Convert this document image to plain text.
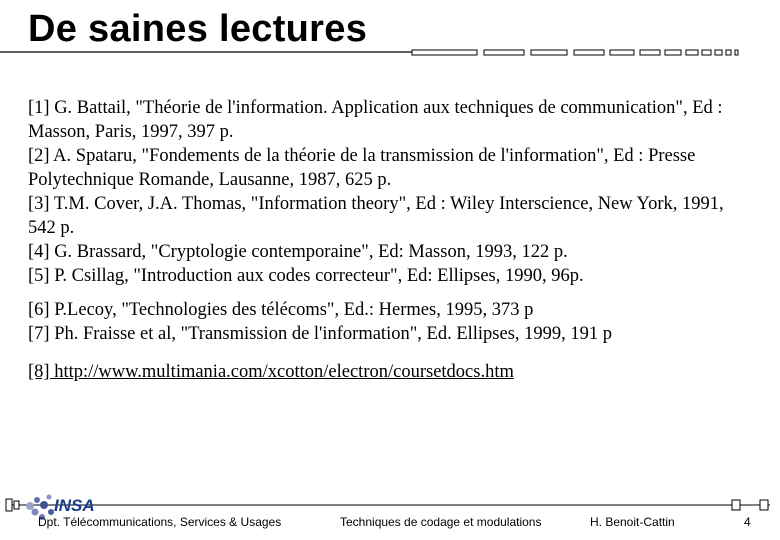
De saines lectures

[1] G. Battail, "Théorie de l'information. Application aux techniques de communication", Ed : Masson, Paris, 1997, 397 p.

[2] A. Spataru, "Fondements de la théorie de la transmission de l'information", Ed : Presse Polytechnique Romande, Lausanne, 1987, 625 p.

[3] T.M. Cover, J.A. Thomas, "Information theory", Ed : Wiley Interscience, New York, 1991, 542 p.

[4] G. Brassard, "Cryptologie contemporaine", Ed: Masson, 1993, 122 p.

[5] P. Csillag, "Introduction aux codes correcteur", Ed: Ellipses, 1990, 96p.

[6] P.Lecoy, "Technologies des télécoms", Ed.: Hermes, 1995, 373 p

[7] Ph. Fraisse et al, "Transmission de l'information", Ed. Ellipses, 1999, 191 p

[8] http://www.multimania.com/xcotton/electron/coursetdocs.htm

INSA
Dpt. Télécommunications, Services & Usages	Techniques de codage et modulations	H. Benoit-Cattin	4
